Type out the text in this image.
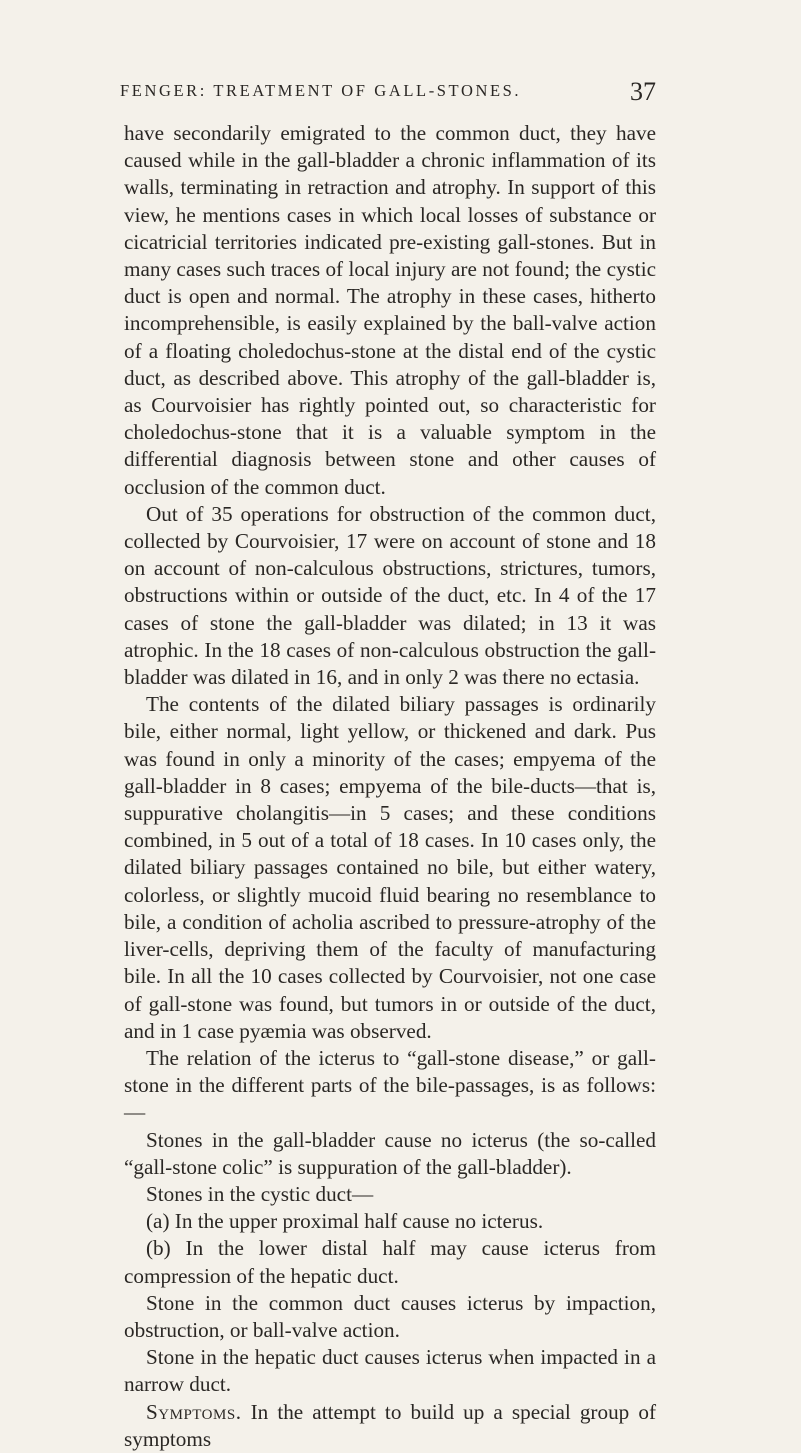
FENGER: TREATMENT OF GALL-STONES.	37

have secondarily emigrated to the common duct, they have caused while in the gall-bladder a chronic inflammation of its walls, terminating in retraction and atrophy. In support of this view, he mentions cases in which local losses of substance or cicatricial territories indicated pre-existing gall-stones. But in many cases such traces of local injury are not found; the cystic duct is open and normal. The atrophy in these cases, hitherto incomprehensible, is easily explained by the ball-valve action of a floating choledochus-stone at the distal end of the cystic duct, as described above. This atrophy of the gall-bladder is, as Courvoisier has rightly pointed out, so characteristic for choledochus-stone that it is a valuable symptom in the differential diagnosis between stone and other causes of occlusion of the common duct.

Out of 35 operations for obstruction of the common duct, collected by Courvoisier, 17 were on account of stone and 18 on account of non-calculous obstructions, strictures, tumors, obstructions within or outside of the duct, etc. In 4 of the 17 cases of stone the gall-bladder was dilated; in 13 it was atrophic. In the 18 cases of non-calculous obstruction the gall-bladder was dilated in 16, and in only 2 was there no ectasia.

The contents of the dilated biliary passages is ordinarily bile, either normal, light yellow, or thickened and dark. Pus was found in only a minority of the cases; empyema of the gall-bladder in 8 cases; empyema of the bile-ducts—that is, suppurative cholangitis—in 5 cases; and these conditions combined, in 5 out of a total of 18 cases. In 10 cases only, the dilated biliary passages contained no bile, but either watery, colorless, or slightly mucoid fluid bearing no resemblance to bile, a condition of acholia ascribed to pressure-atrophy of the liver-cells, depriving them of the faculty of manufacturing bile. In all the 10 cases collected by Courvoisier, not one case of gall-stone was found, but tumors in or outside of the duct, and in 1 case pyæmia was observed.

The relation of the icterus to “gall-stone disease,” or gall-stone in the different parts of the bile-passages, is as follows:—

Stones in the gall-bladder cause no icterus (the so-called “gall-stone colic” is suppuration of the gall-bladder).

Stones in the cystic duct—

(a) In the upper proximal half cause no icterus.

(b) In the lower distal half may cause icterus from compression of the hepatic duct.

Stone in the common duct causes icterus by impaction, obstruction, or ball-valve action.

Stone in the hepatic duct causes icterus when impacted in a narrow duct.

Symptoms. In the attempt to build up a special group of symptoms
